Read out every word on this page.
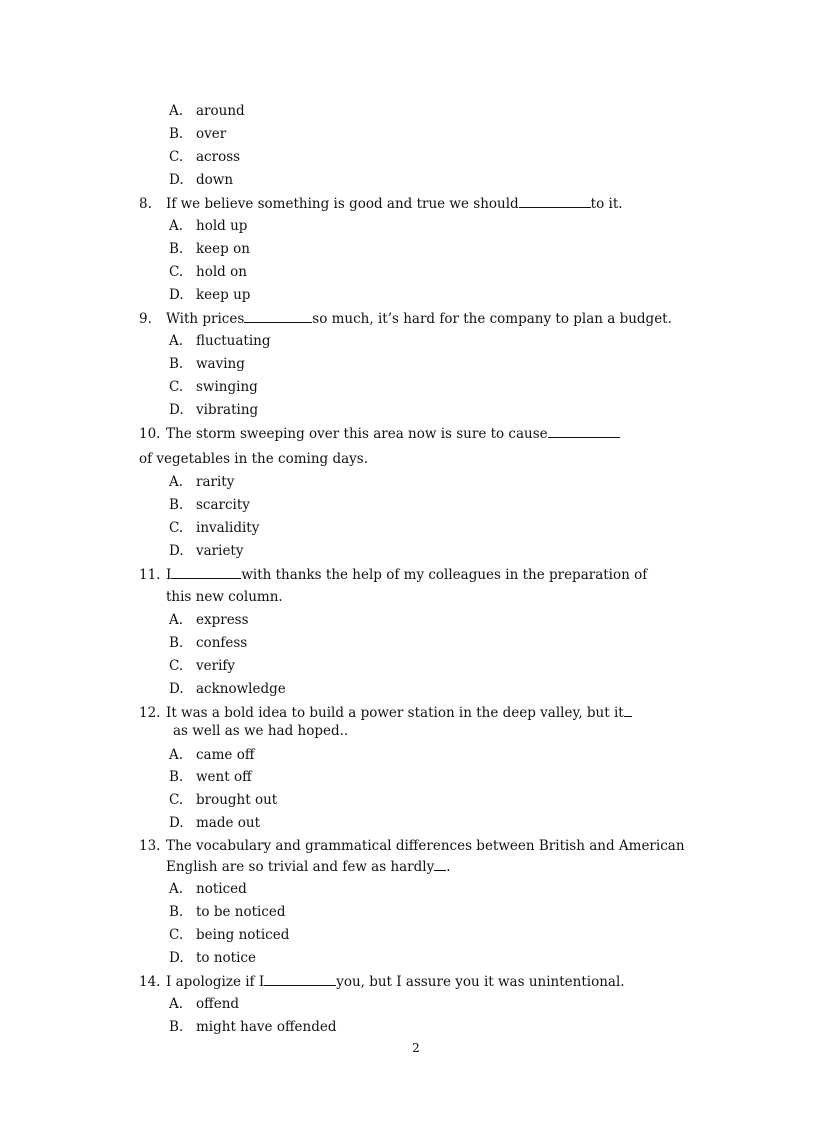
A. around
B. over
C. across
D. down
8. If we believe something is good and true we should	to it.
A. hold up
B. keep on
C. hold on
D. keep up
9. With prices	so much, it’s hard for the company to plan a budget.
A. fluctuating
B. waving
C. swinging
D. vibrating
10. The storm sweeping over this area now is sure to cause
of vegetables in the coming days.
A. rarity
B. scarcity
C. invalidity
D. variety
11. I	with thanks the help of my colleagues in the preparation of
this new column.
A. express
B. confess
C. verify
D. acknowledge
12. It was a bold idea to build a power station in the deep valley, but it
as well as we had hoped..
A. came off
B. went off
C. brought out
D. made out
13. The vocabulary and grammatical differences between British and American
English are so trivial and few as hardly .
A. noticed
B. to be noticed
C. being noticed
D. to notice
14. I apologize if I	you, but I assure you it was unintentional.
A. offend
B. might have offended
2
